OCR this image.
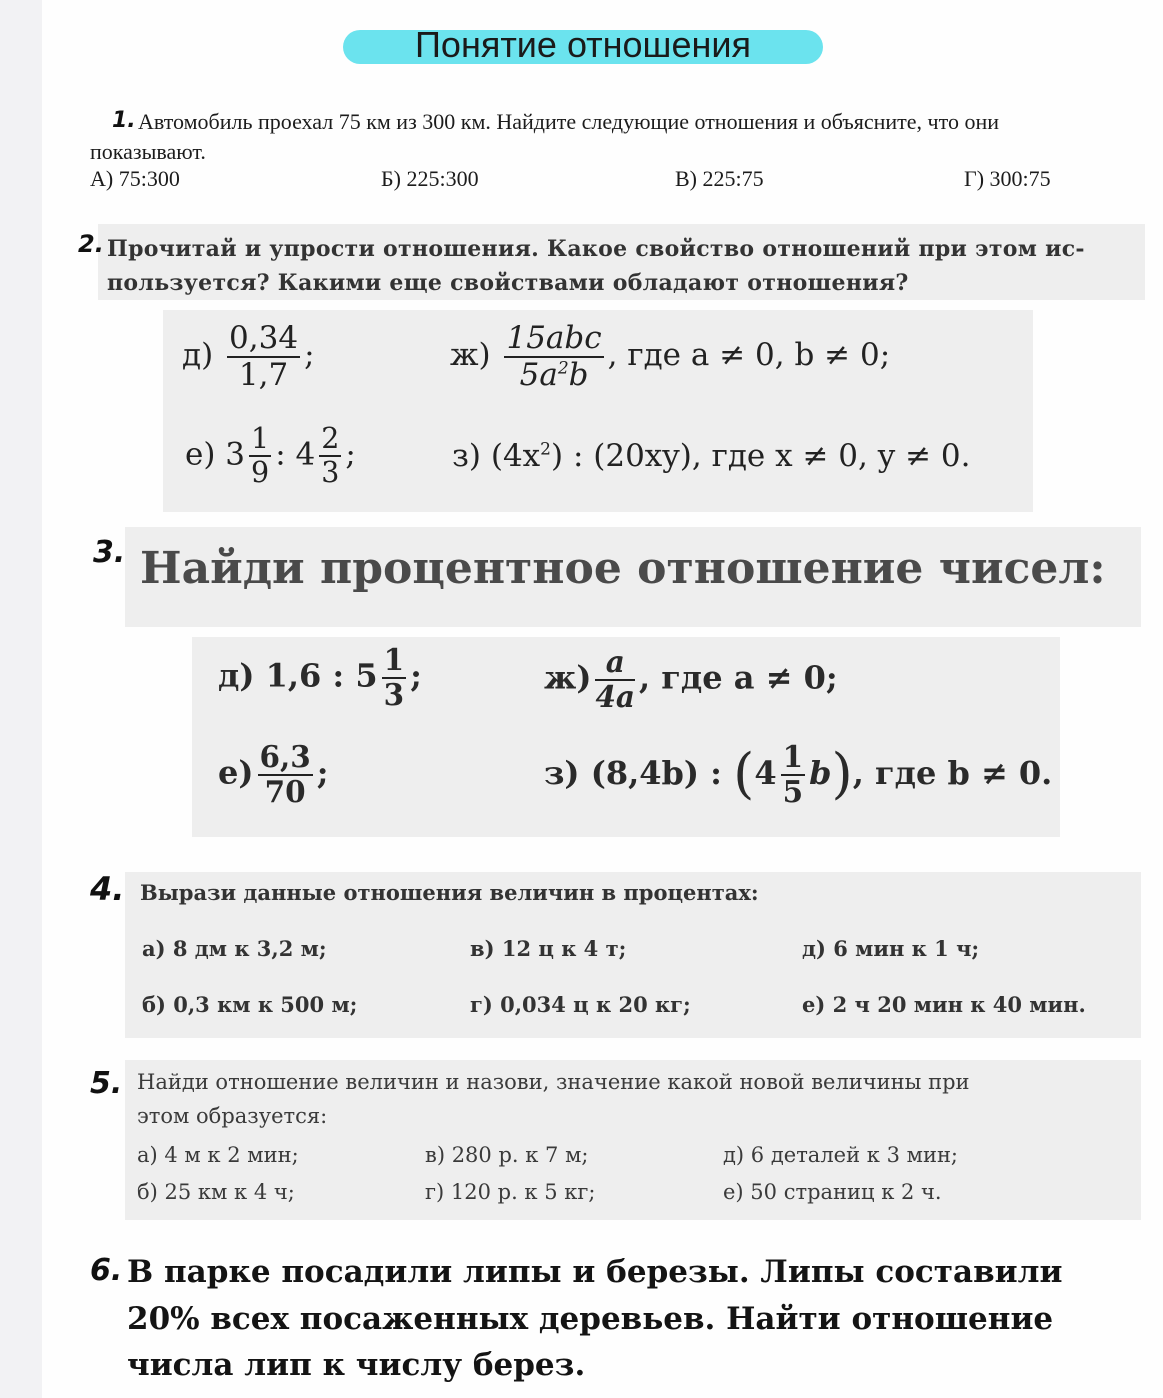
Понятие отношения
1. Автомобиль проехал 75 км из 300 км. Найдите следующие отношения и объясните, что они
показывают.
А) 75:300	Б) 225:300	В) 225:75	Г) 300:75
2. Прочитай и упрости отношения. Какое свойство отношений при этом ис-
пользуется? Какими еще свойствами обладают отношения?
$д) \frac{0,34}{1,7}$ ;	$ж) \frac{\text{15abc}}{5a^2b}$ , где a ≠ 0, b ≠ 0;
е) $3 \frac{1}{9}$ : $4 \frac{2}{3}$ ;	з) $(4x^2)$ : (20xy), где x ≠ 0, y ≠ 0.
3. Найди процентное отношение чисел:
д) 1,6 : $5 \frac{1}{3}$ ;	$ж) \frac{a}{4a}$ , где a ≠ 0;
$е) \frac{6,3}{70}$ ;	з) (8,4b) : $(4 \frac{1}{5} b)$, где b ≠ 0.
4. Вырази данные отношения величин в процентах:
а) 8 дм к 3,2 м;	в) 12 ц к 4 т;	д) 6 мин к 1 ч;
б) 0,3 км к 500 м;	г) 0,034 ц к 20 кг;	е) 2 ч 20 мин к 40 мин.
5. Найди отношение величин и назови, значение какой новой величины при
этом образуется:
а) 4 м к 2 мин;	в) 280 р. к 7 м;	д) 6 деталей к 3 мин;
б) 25 км к 4 ч;	г) 120 р. к 5 кг;	е) 50 страниц к 2 ч.
6. В парке посадили липы и березы. Липы составили
20% всех посаженных деревьев. Найти отношение
числа лип к числу берез.
